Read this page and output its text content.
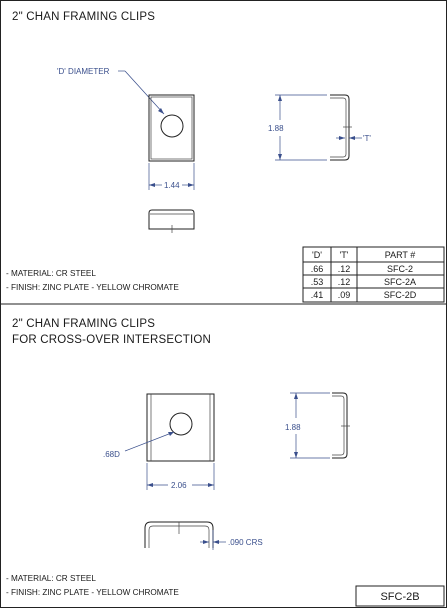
2" CHAN FRAMING CLIPS
'D' DIAMETER
1.44
1.88
'T'
- MATERIAL: CR STEEL
- FINISH: ZINC PLATE - YELLOW CHROMATE
'D' 'T'	PART #
.66 .12	SFC-2
.53 .12	SFC-2A
.41 .09	SFC-2D
2" CHAN FRAMING CLIPS
FOR CROSS-OVER INTERSECTION
.68D
2.06
1.88
.090 CRS
- MATERIAL: CR STEEL
- FINISH: ZINC PLATE - YELLOW CHROMATE	SFC-2B
